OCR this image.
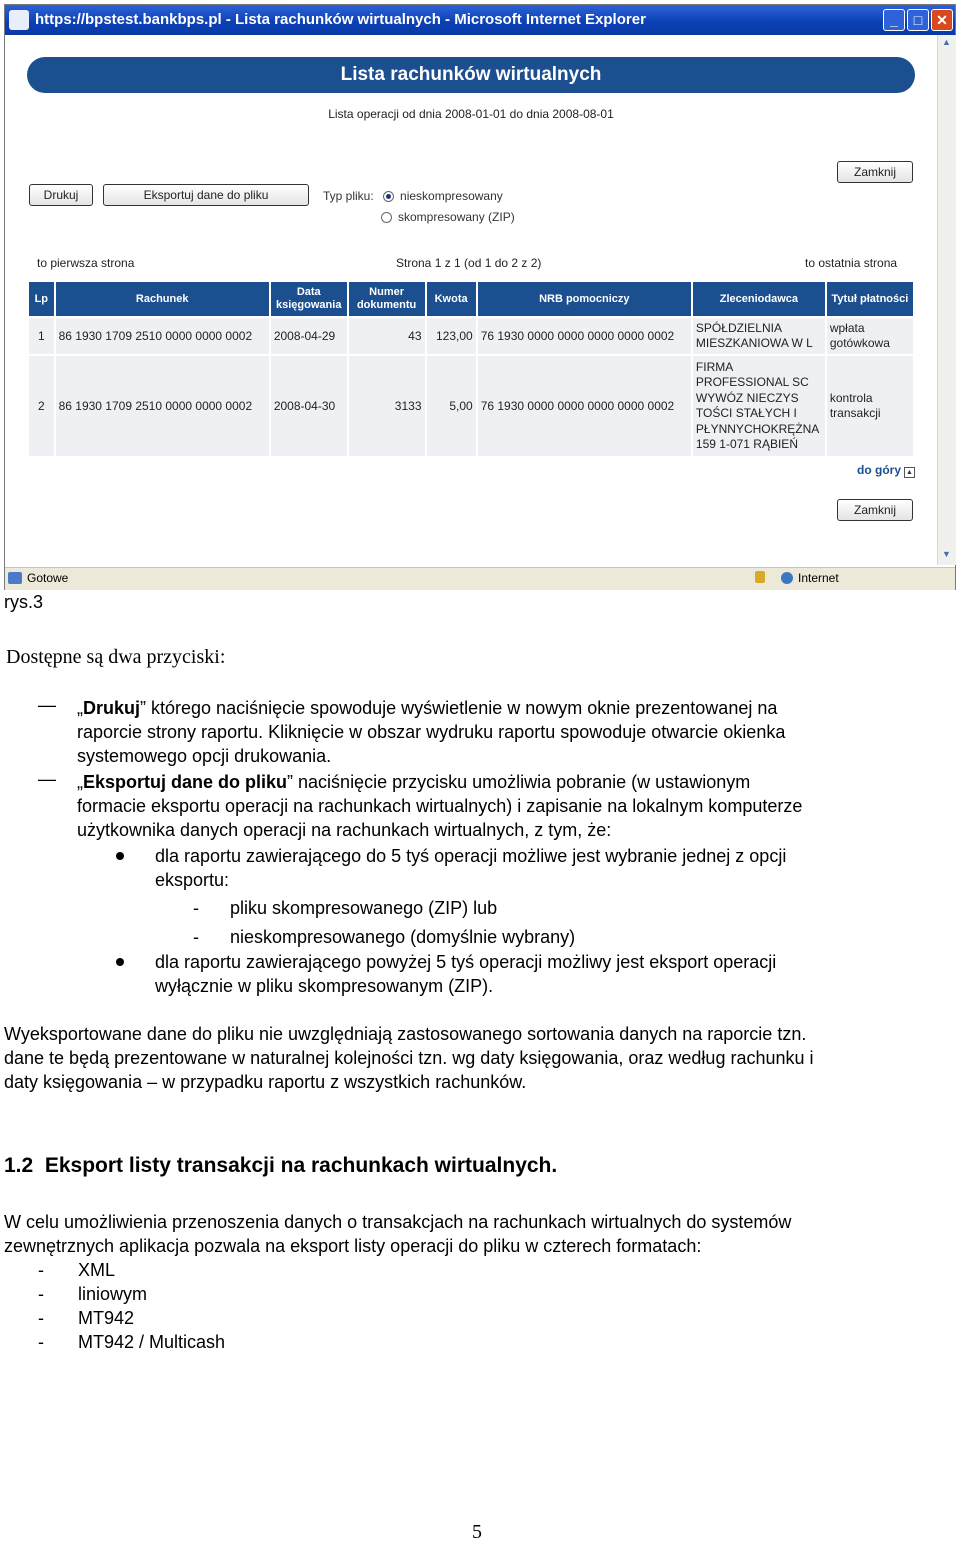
https://bpstest.bankbps.pl - Lista rachunków wirtualnych - Microsoft Internet Explorer	_	□ ✕
Lista rachunków wirtualnych
Lista operacji od dnia 2008-01-01 do dnia 2008-08-01
Zamknij
Drukuj	Eksportuj dane do pliku	Typ pliku: nieskompresowany
skompresowany (ZIP)
to pierwsza strona	Strona 1 z 1 (od 1 do 2 z 2)	to ostatnia strona
Lp	Rachunek	Data księgowania	Numer dokumentu	Kwota	NRB pomocniczy	Zleceniodawca	Tytuł płatności
1	86 1930 1709 2510 0000 0000 0002	2008-04-29	43	123,00	76 1930 0000 0000 0000 0000 0002	SPÓŁDZIELNIA MIESZKANIOWA W L	wpłata gotówkowa
2	86 1930 1709 2510 0000 0000 0002	2008-04-30	3133	5,00	76 1930 0000 0000 0000 0000 0002	FIRMA PROFESSIONAL SC WYWÓZ NIECZYS TOŚCI STAŁYCH I PŁYNNYCHOKRĘŻNA 159 1-071 RĄBIEŃ	kontrola transakcji
do góry ▲
Zamknij
▲
▼
Gotowe	Internet
rys.3
Dostępne są dwa przyciski:
— „Drukuj” którego naciśnięcie spowoduje wyświetlenie w nowym oknie prezentowanej na
raporcie strony raportu. Kliknięcie w obszar wydruku raportu spowoduje otwarcie okienka
systemowego opcji drukowania.
— „Eksportuj dane do pliku” naciśnięcie przycisku umożliwia pobranie (w ustawionym
formacie eksportu operacji na rachunkach wirtualnych) i zapisanie na lokalnym komputerze
użytkownika danych operacji na rachunkach wirtualnych, z tym, że:
dla raportu zawierającego do 5 tyś operacji możliwe jest wybranie jednej z opcji
eksportu:
- pliku skompresowanego (ZIP) lub
- nieskompresowanego (domyślnie wybrany)
dla raportu zawierającego powyżej 5 tyś operacji możliwy jest eksport operacji
wyłącznie w pliku skompresowanym (ZIP).
Wyeksportowane dane do pliku nie uwzględniają zastosowanego sortowania danych na raporcie tzn.
dane te będą prezentowane w naturalnej kolejności tzn. wg daty księgowania, oraz według rachunku i
daty księgowania – w przypadku raportu z wszystkich rachunków.
1.2  Eksport listy transakcji na rachunkach wirtualnych.
W celu umożliwienia przenoszenia danych o transakcjach na rachunkach wirtualnych do systemów
zewnętrznych aplikacja pozwala na eksport listy operacji do pliku w czterech formatach:
- XML
- liniowym
- MT942
- MT942 / Multicash
5
